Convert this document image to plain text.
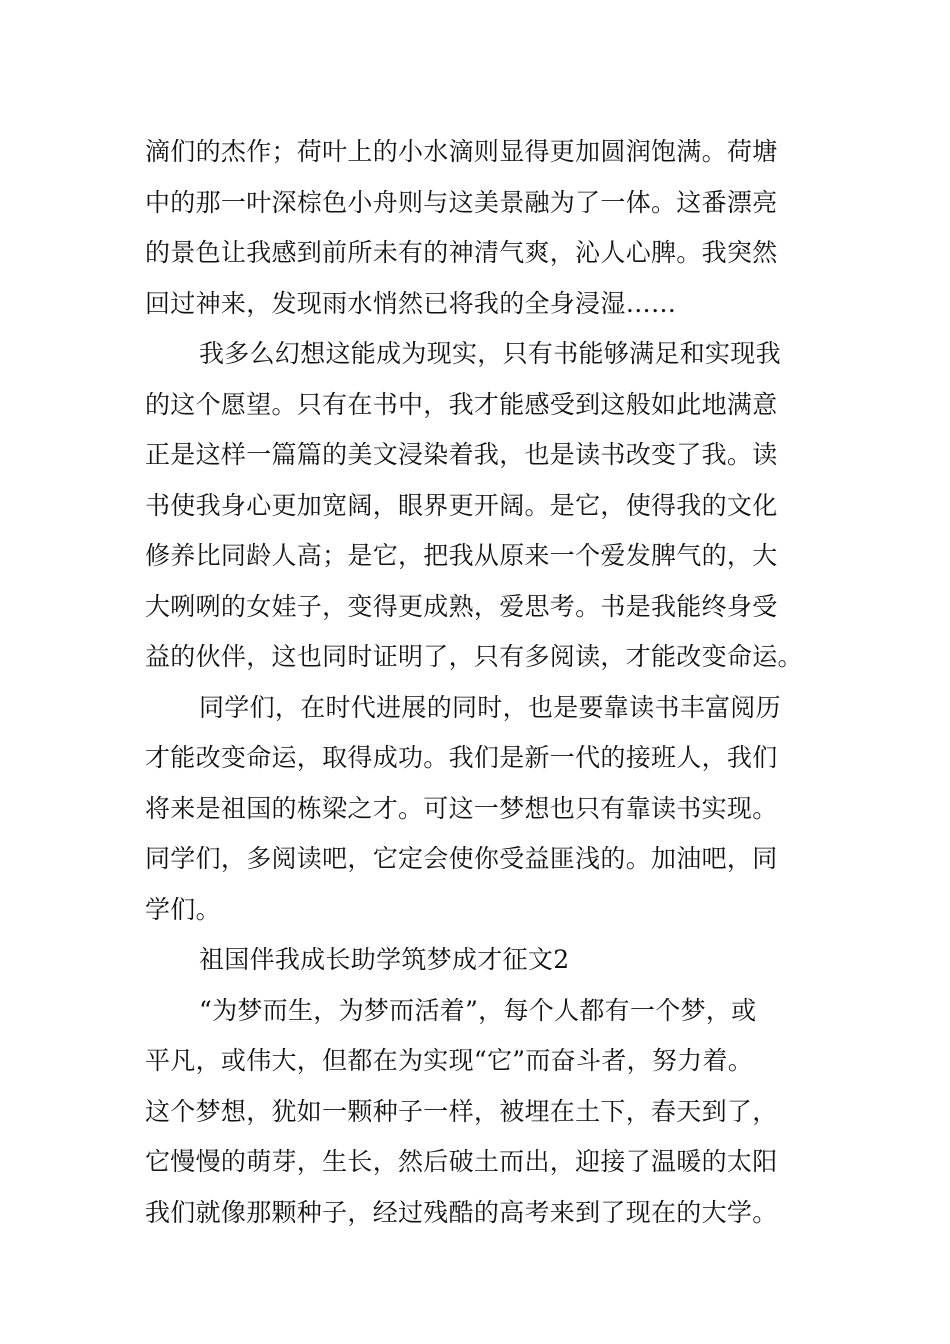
滴们的杰作；荷叶上的小水滴则显得更加圆润饱满。荷塘
中的那一叶深棕色小舟则与这美景融为了一体。这番漂亮
的景色让我感到前所未有的神清气爽，沁人心脾。我突然
回过神来，发现雨水悄然已将我的全身浸湿……
我多么幻想这能成为现实，只有书能够满足和实现我
的这个愿望。只有在书中，我才能感受到这般如此地满意
正是这样一篇篇的美文浸染着我，也是读书改变了我。读
书使我身心更加宽阔，眼界更开阔。是它，使得我的文化
修养比同龄人高；是它，把我从原来一个爱发脾气的，大
大咧咧的女娃子，变得更成熟，爱思考。书是我能终身受
益的伙伴，这也同时证明了，只有多阅读，才能改变命运。
同学们，在时代进展的同时，也是要靠读书丰富阅历
才能改变命运，取得成功。我们是新一代的接班人，我们
将来是祖国的栋梁之才。可这一梦想也只有靠读书实现。
同学们，多阅读吧，它定会使你受益匪浅的。加油吧，同
学们。
祖国伴我成长助学筑梦成才征文2
“为梦而生，为梦而活着”，每个人都有一个梦，或
平凡，或伟大，但都在为实现“它”而奋斗者，努力着。
这个梦想，犹如一颗种子一样，被埋在土下，春天到了，
它慢慢的萌芽，生长，然后破土而出，迎接了温暖的太阳
我们就像那颗种子，经过残酷的高考来到了现在的大学。
